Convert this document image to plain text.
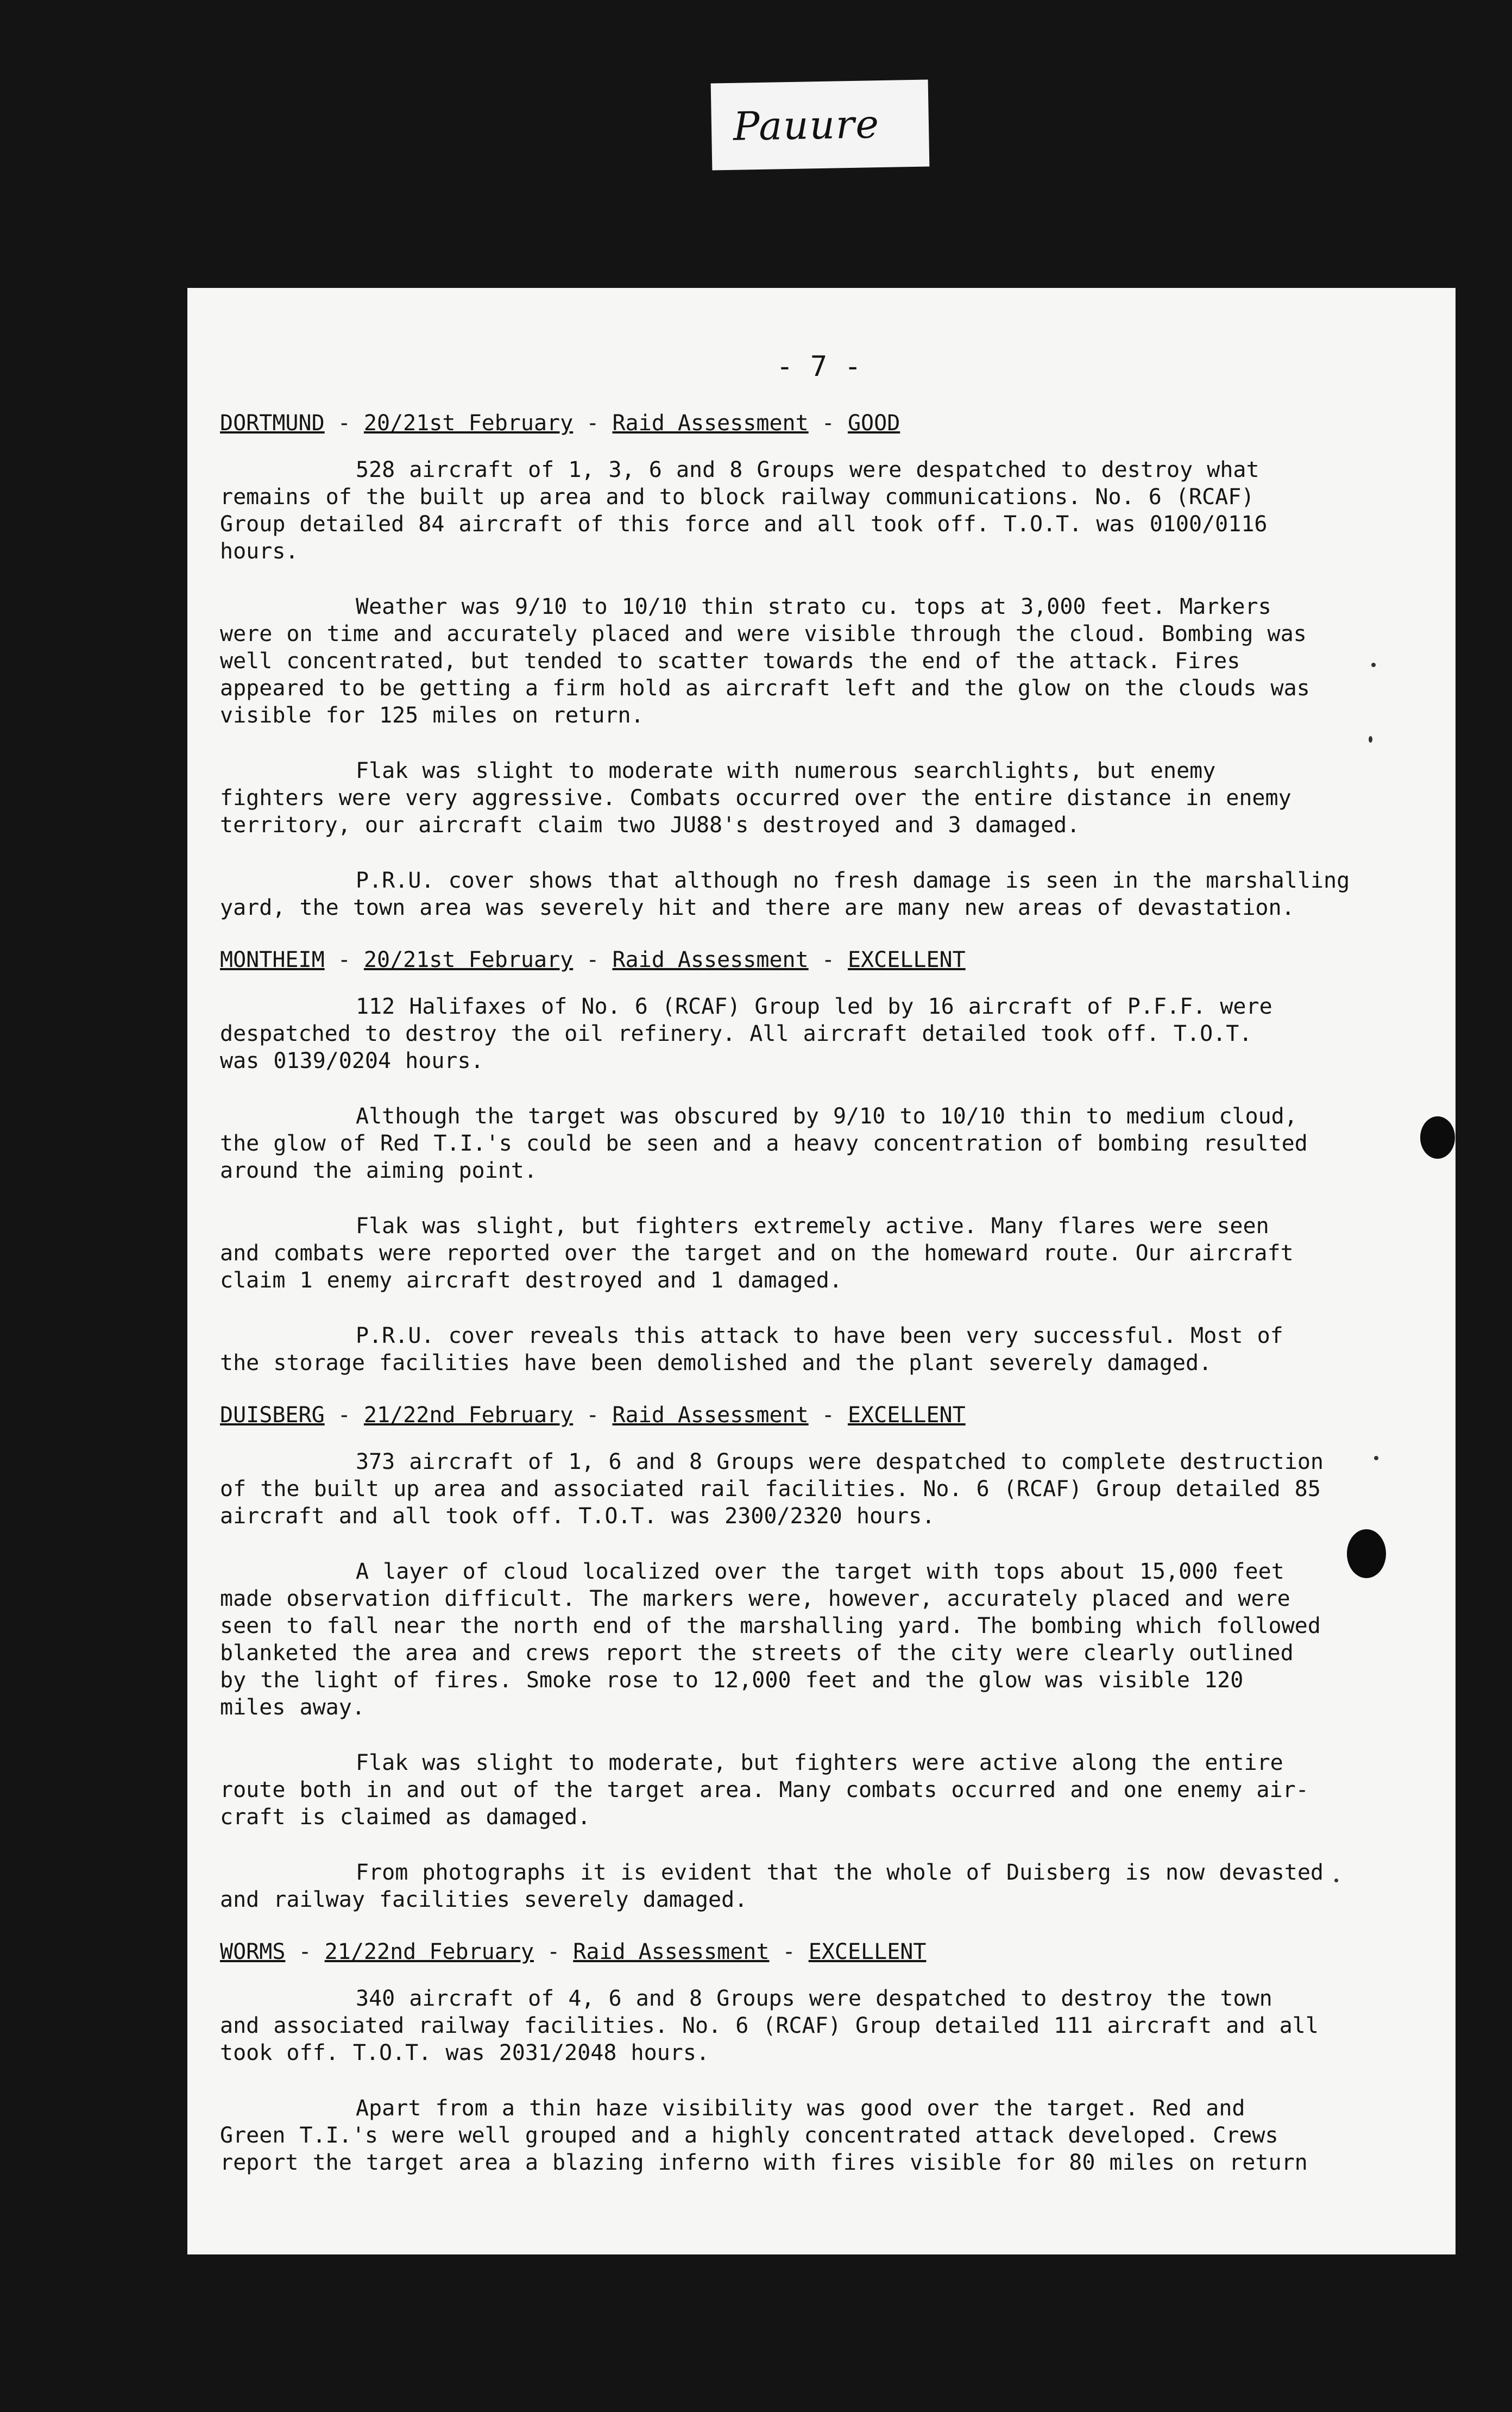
Pauure
- 7 -
DORTMUND - 20/21st February - Raid Assessment - GOOD

528 aircraft of 1, 3, 6 and 8 Groups were despatched to destroy what
remains of the built up area and to block railway communications. No. 6 (RCAF)
Group detailed 84 aircraft of this force and all took off. T.O.T. was 0100/0116
hours.

Weather was 9/10 to 10/10 thin strato cu. tops at 3,000 feet. Markers
were on time and accurately placed and were visible through the cloud. Bombing was
well concentrated, but tended to scatter towards the end of the attack. Fires
appeared to be getting a firm hold as aircraft left and the glow on the clouds was
visible for 125 miles on return.

Flak was slight to moderate with numerous searchlights, but enemy
fighters were very aggressive. Combats occurred over the entire distance in enemy
territory, our aircraft claim two JU88's destroyed and 3 damaged.

P.R.U. cover shows that although no fresh damage is seen in the marshalling
yard, the town area was severely hit and there are many new areas of devastation.

MONTHEIM - 20/21st February - Raid Assessment - EXCELLENT

112 Halifaxes of No. 6 (RCAF) Group led by 16 aircraft of P.F.F. were
despatched to destroy the oil refinery. All aircraft detailed took off. T.O.T.
was 0139/0204 hours.

Although the target was obscured by 9/10 to 10/10 thin to medium cloud,
the glow of Red T.I.'s could be seen and a heavy concentration of bombing resulted
around the aiming point.

Flak was slight, but fighters extremely active. Many flares were seen
and combats were reported over the target and on the homeward route. Our aircraft
claim 1 enemy aircraft destroyed and 1 damaged.

P.R.U. cover reveals this attack to have been very successful. Most of
the storage facilities have been demolished and the plant severely damaged.

DUISBERG - 21/22nd February - Raid Assessment - EXCELLENT

373 aircraft of 1, 6 and 8 Groups were despatched to complete destruction
of the built up area and associated rail facilities. No. 6 (RCAF) Group detailed 85
aircraft and all took off. T.O.T. was 2300/2320 hours.

A layer of cloud localized over the target with tops about 15,000 feet
made observation difficult. The markers were, however, accurately placed and were
seen to fall near the north end of the marshalling yard. The bombing which followed
blanketed the area and crews report the streets of the city were clearly outlined
by the light of fires. Smoke rose to 12,000 feet and the glow was visible 120
miles away.

Flak was slight to moderate, but fighters were active along the entire
route both in and out of the target area. Many combats occurred and one enemy air-
craft is claimed as damaged.

From photographs it is evident that the whole of Duisberg is now devasted
and railway facilities severely damaged.

WORMS - 21/22nd February - Raid Assessment - EXCELLENT

340 aircraft of 4, 6 and 8 Groups were despatched to destroy the town
and associated railway facilities. No. 6 (RCAF) Group detailed 111 aircraft and all
took off. T.O.T. was 2031/2048 hours.

Apart from a thin haze visibility was good over the target. Red and
Green T.I.'s were well grouped and a highly concentrated attack developed. Crews
report the target area a blazing inferno with fires visible for 80 miles on return
